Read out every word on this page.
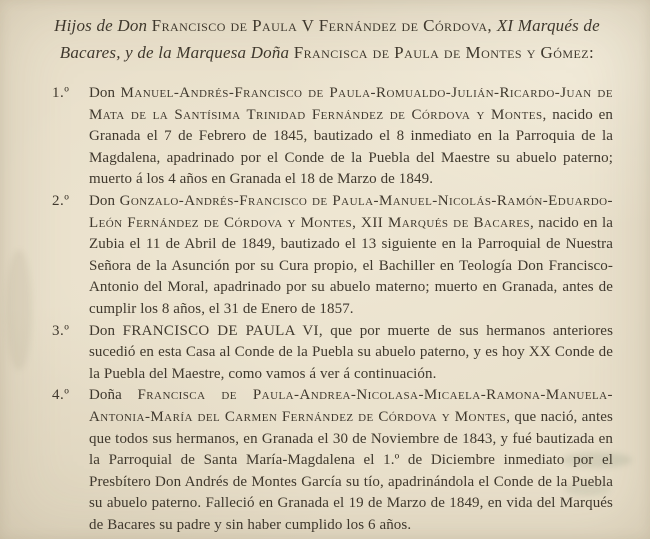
Hijos de Don Francisco de Paula V Fernández de Córdova, XI Marqués de Bacares, y de la Marquesa Doña Francisca de Paula de Montes y Gómez:

1.º	Don Manuel-Andrés-Francisco de Paula-Romualdo-Julián-Ricardo-Juan de Mata de la Santísima Trinidad Fernández de Córdova y Montes, nacido en Granada el 7 de Febrero de 1845, bautizado el 8 inmediato en la Parroquia de la Magdalena, apadrinado por el Conde de la Puebla del Maestre su abuelo paterno; muerto á los 4 años en Granada el 18 de Marzo de 1849.

2.º	Don Gonzalo-Andrés-Francisco de Paula-Manuel-Nicolás-Ramón-Eduardo-León Fernández de Córdova y Montes, XII Marqués de Bacares, nacido en la Zubia el 11 de Abril de 1849, bautizado el 13 siguiente en la Parroquial de Nuestra Señora de la Asunción por su Cura propio, el Bachiller en Teología Don Francisco-Antonio del Moral, apadrinado por su abuelo materno; muerto en Granada, antes de cumplir los 8 años, el 31 de Enero de 1857.

3.º	Don FRANCISCO DE PAULA VI, que por muerte de sus hermanos anteriores sucedió en esta Casa al Conde de la Puebla su abuelo paterno, y es hoy XX Conde de la Puebla del Maestre, como vamos á ver á continuación.

4.º	Doña Francisca de Paula-Andrea-Nicolasa-Micaela-Ramona-Manuela-Antonia-María del Carmen Fernández de Córdova y Montes, que nació, antes que todos sus hermanos, en Granada el 30 de Noviembre de 1843, y fué bautizada en la Parroquial de Santa María-Magdalena el 1.º de Diciembre inmediato por el Presbítero Don Andrés de Montes García su tío, apadrinándola el Conde de la Puebla su abuelo paterno. Falleció en Granada el 19 de Marzo de 1849, en vida del Marqués de Bacares su padre y sin haber cumplido los 6 años.
